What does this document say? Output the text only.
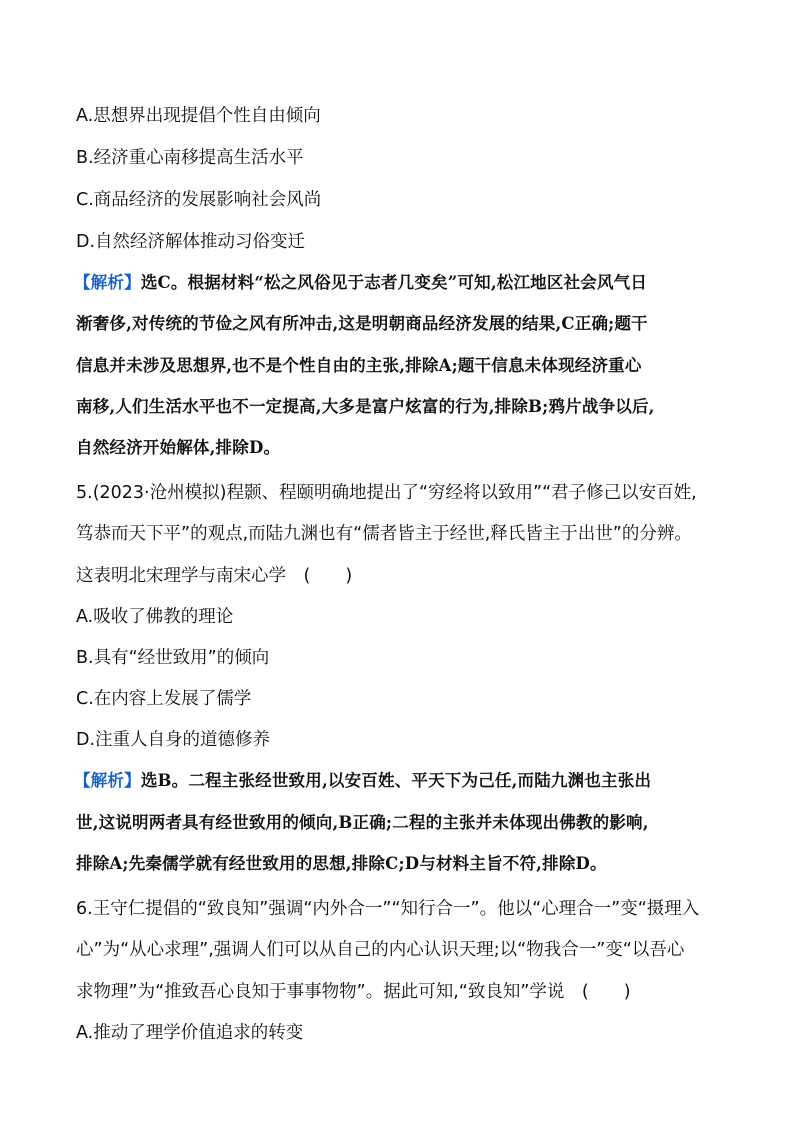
A.思想界出现提倡个性自由倾向
B.经济重心南移提高生活水平
C.商品经济的发展影响社会风尚
D.自然经济解体推动习俗变迁
【解析】选C。根据材料“松之风俗见于志者几变矣”可知,松江地区社会风气日
渐奢侈,对传统的节俭之风有所冲击,这是明朝商品经济发展的结果,C正确;题干
信息并未涉及思想界,也不是个性自由的主张,排除A;题干信息未体现经济重心
南移,人们生活水平也不一定提高,大多是富户炫富的行为,排除B;鸦片战争以后,
自然经济开始解体,排除D。
5.(2023·沧州模拟)程颢、程颐明确地提出了“穷经将以致用”“君子修己以安百姓,
笃恭而天下平”的观点,而陆九渊也有“儒者皆主于经世,释氏皆主于出世”的分辨。
这表明北宋理学与南宋心学　(　　)
A.吸收了佛教的理论
B.具有“经世致用”的倾向
C.在内容上发展了儒学
D.注重人自身的道德修养
【解析】选B。二程主张经世致用,以安百姓、平天下为己任,而陆九渊也主张出
世,这说明两者具有经世致用的倾向,B正确;二程的主张并未体现出佛教的影响,
排除A;先秦儒学就有经世致用的思想,排除C;D与材料主旨不符,排除D。
6.王守仁提倡的“致良知”强调“内外合一”“知行合一”。他以“心理合一”变“摄理入
心”为“从心求理”,强调人们可以从自己的内心认识天理;以“物我合一”变“以吾心
求物理”为“推致吾心良知于事事物物”。据此可知,“致良知”学说　(　　)
A.推动了理学价值追求的转变
